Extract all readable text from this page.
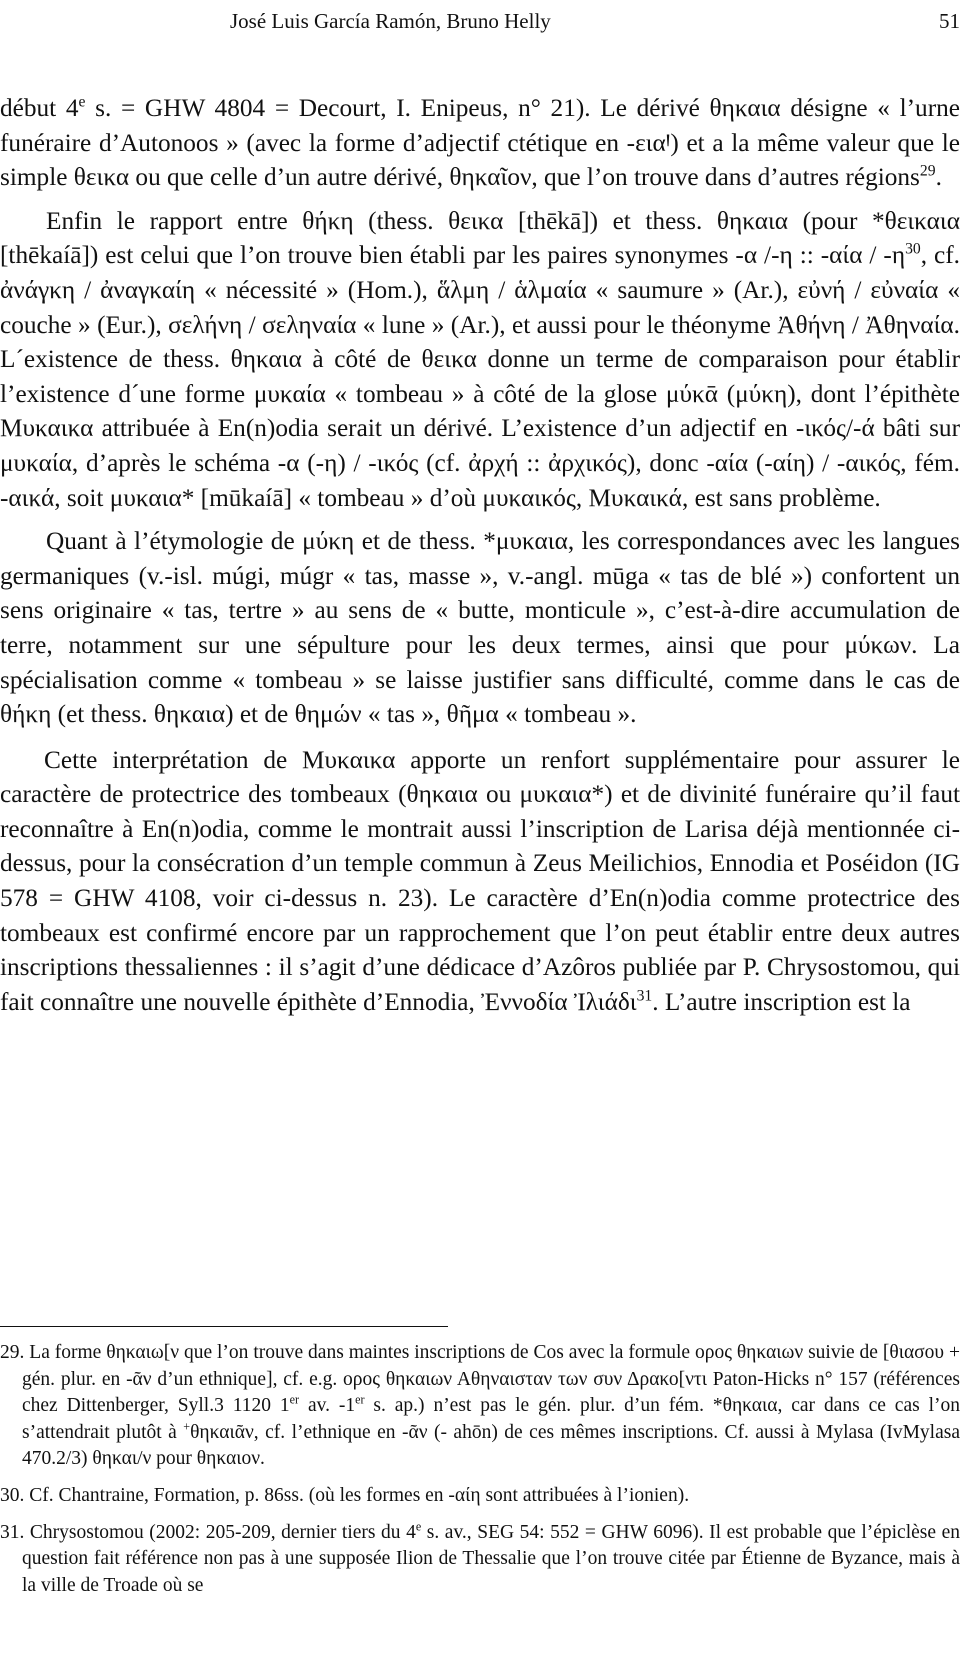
José Luis García Ramón, Bruno Helly	51

début 4e s. = GHW 4804 = Decourt, I. Enipeus, n° 21). Le dérivé θηκαια désigne « l’urne funéraire d’Autonoos » (avec la forme d’adjectif ctétique en -ειαꞋ) et a la même valeur que le simple θεικα ou que celle d’un autre dérivé, θηκαῖον, que l’on trouve dans d’autres régions$^{29}$.

Enfin le rapport entre θήκη (thess. θεικα [thēkā]) et thess. θηκαια (pour *θεικαια [thēkaíā]) est celui que l’on trouve bien établi par les paires synonymes -α /-η :: $-\alpha ί\alpha / -\eta^{30}$, cf. ἀνάγκη / ἀναγκαίη « nécessité » (Hom.), ἅλμη / ἁλμαία « saumure » (Ar.), εὐνή / εὐναία « couche » (Eur.), σελήνη / σεληναία « lune » (Ar.), et aussi pour le théonyme Ἀθήνη / Ἀθηναία. L´existence de thess. θηκαια à côté de θεικα donne un terme de comparaison pour établir l’existence d´une forme μυκαία « tombeau » à côté de la glose μύκᾱ (μύκη), dont l’épithète Μυκαικα attribuée à En(n)odia serait un dérivé. L’existence d’un adjectif en -ικός/-ά bâti sur μυκαία, d’après le schéma -α (-η) / -ικός (cf. ἀρχή :: ἀρχικός), donc -αία (-αίη) / -αικός, fém. -αικά, soit μυκαια* [mūkaíā] « tombeau » d’où μυκαικός, Μυκαικά, est sans problème.

Quant à l’étymologie de μύκη et de thess. *μυκαια, les correspondances avec les langues germaniques (v.-isl. múgi, múgr « tas, masse », v.-angl. mūga « tas de blé ») confortent un sens originaire « tas, tertre » au sens de « butte, monticule », c’est-à-dire accumulation de terre, notamment sur une sépulture pour les deux termes, ainsi que pour μύκων. La spécialisation comme « tombeau » se laisse justifier sans difficulté, comme dans le cas de θήκη (et thess. θηκαια) et de θημών « tas », θῆμα « tombeau ».

Cette interprétation de Μυκαικα apporte un renfort supplémentaire pour assurer le caractère de protectrice des tombeaux (θηκαια ou μυκαια*) et de divinité funéraire qu’il faut reconnaître à En(n)odia, comme le montrait aussi l’inscription de Larisa déjà mentionnée ci-dessus, pour la consécration d’un temple commun à Zeus Meilichios, Ennodia et Poséidon (IG 578 = GHW 4108, voir ci-dessus n. 23). Le caractère d’En(n)odia comme protectrice des tombeaux est confirmé encore par un rapprochement que l’on peut établir entre deux autres inscriptions thessaliennes : il s’agit d’une dédicace d’Azôros publiée par P. Chrysostomou, qui fait connaître une nouvelle épithète d’Ennodia, Ἐννοδία Ἰλιάδι$^{31}$. L’autre inscription est la

29. La forme θηκαιω[ν que l’on trouve dans maintes inscriptions de Cos avec la formule ορος θηκαιων suivie de [θιασου + gén. plur. en -ᾶν d’un ethnique], cf. e.g. ορος θηκαιων Αθηναισταν των συν Δρακο[ντι Paton-Hicks n° 157 (références chez Dittenberger, Syll.3 1120 1er av. -1er s. ap.) n’est pas le gén. plur. d’un fém. *θηκαια, car dans ce cas l’on s’attendrait plutôt à +θηκαιᾶν, cf. l’ethnique en -ᾶν (- ahōn) de ces mêmes inscriptions. Cf. aussi à Mylasa (IvMylasa 470.2/3) θηκαι/ν pour θηκαιον.

30. Cf. Chantraine, Formation, p. 86ss. (où les formes en -αίη sont attribuées à l’ionien).

31. Chrysostomou (2002: 205-209, dernier tiers du 4e s. av., SEG 54: 552 = GHW 6096). Il est probable que l’épiclèse en question fait référence non pas à une supposée Ilion de Thessalie que l’on trouve citée par Étienne de Byzance, mais à la ville de Troade où se
